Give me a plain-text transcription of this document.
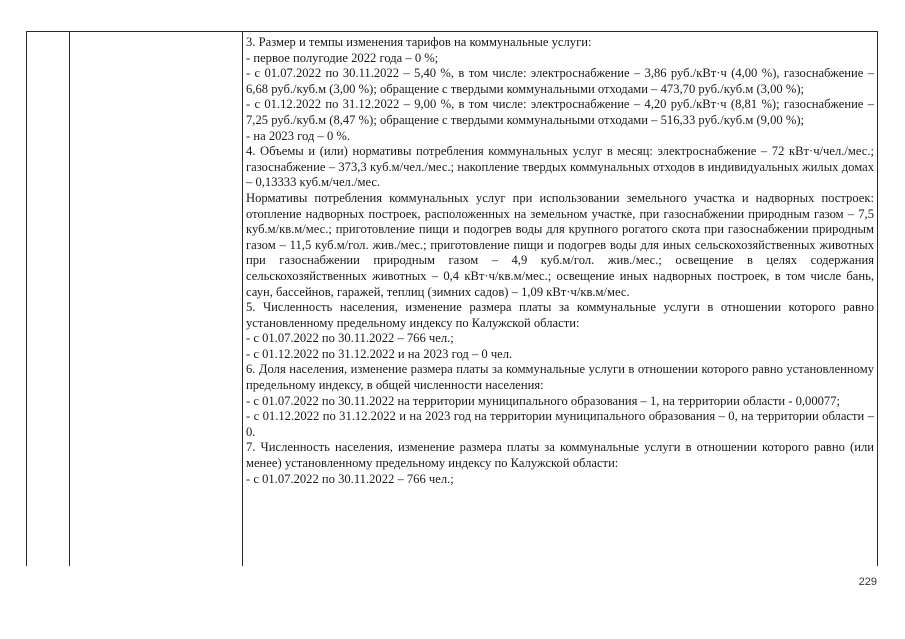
3. Размер и темпы изменения тарифов на коммунальные услуги:

- первое полугодие 2022 года – 0 %;

- с 01.07.2022 по 30.11.2022 – 5,40 %, в том числе: электроснабжение – 3,86 руб./кВт·ч (4,00 %), газоснабжение – 6,68 руб./куб.м (3,00 %); обращение с твердыми коммунальными отходами – 473,70 руб./куб.м (3,00 %);

- с 01.12.2022 по 31.12.2022 – 9,00 %, в том числе: электроснабжение – 4,20 руб./кВт·ч (8,81 %); газоснабжение – 7,25 руб./куб.м (8,47 %); обращение с твердыми коммунальными отходами – 516,33 руб./куб.м (9,00 %);

- на 2023 год – 0 %.

4. Объемы и (или) нормативы потребления коммунальных услуг в месяц: электроснабжение – 72 кВт·ч/чел./мес.; газоснабжение – 373,3 куб.м/чел./мес.; накопление твердых коммунальных отходов в индивидуальных жилых домах – 0,13333 куб.м/чел./мес.

Нормативы потребления коммунальных услуг при использовании земельного участка и надворных построек: отопление надворных построек, расположенных на земельном участке, при газоснабжении природным газом – 7,5 куб.м/кв.м/мес.; приготовление пищи и подогрев воды для крупного рогатого скота при газоснабжении природным газом – 11,5 куб.м/гол. жив./мес.; приготовление пищи и подогрев воды для иных сельскохозяйственных животных при газоснабжении природным газом – 4,9 куб.м/гол. жив./мес.; освещение в целях содержания сельскохозяйственных животных – 0,4 кВт·ч/кв.м/мес.; освещение иных надворных построек, в том числе бань, саун, бассейнов, гаражей, теплиц (зимних садов) – 1,09 кВт·ч/кв.м/мес.

5. Численность населения, изменение размера платы за коммунальные услуги в отношении которого равно установленному предельному индексу по Калужской области:

- с 01.07.2022 по 30.11.2022 – 766 чел.;

- с 01.12.2022 по 31.12.2022 и на 2023 год – 0 чел.

6. Доля населения, изменение размера платы за коммунальные услуги в отношении которого равно установленному предельному индексу, в общей численности населения:

- с 01.07.2022 по 30.11.2022 на территории муниципального образования – 1, на территории области - 0,00077;

- с 01.12.2022 по 31.12.2022 и на 2023 год на территории муниципального образования – 0, на территории области – 0.

7. Численность населения, изменение размера платы за коммунальные услуги в отношении которого равно (или менее) установленному предельному индексу по Калужской области:

- с 01.07.2022 по 30.11.2022 – 766 чел.;

229
